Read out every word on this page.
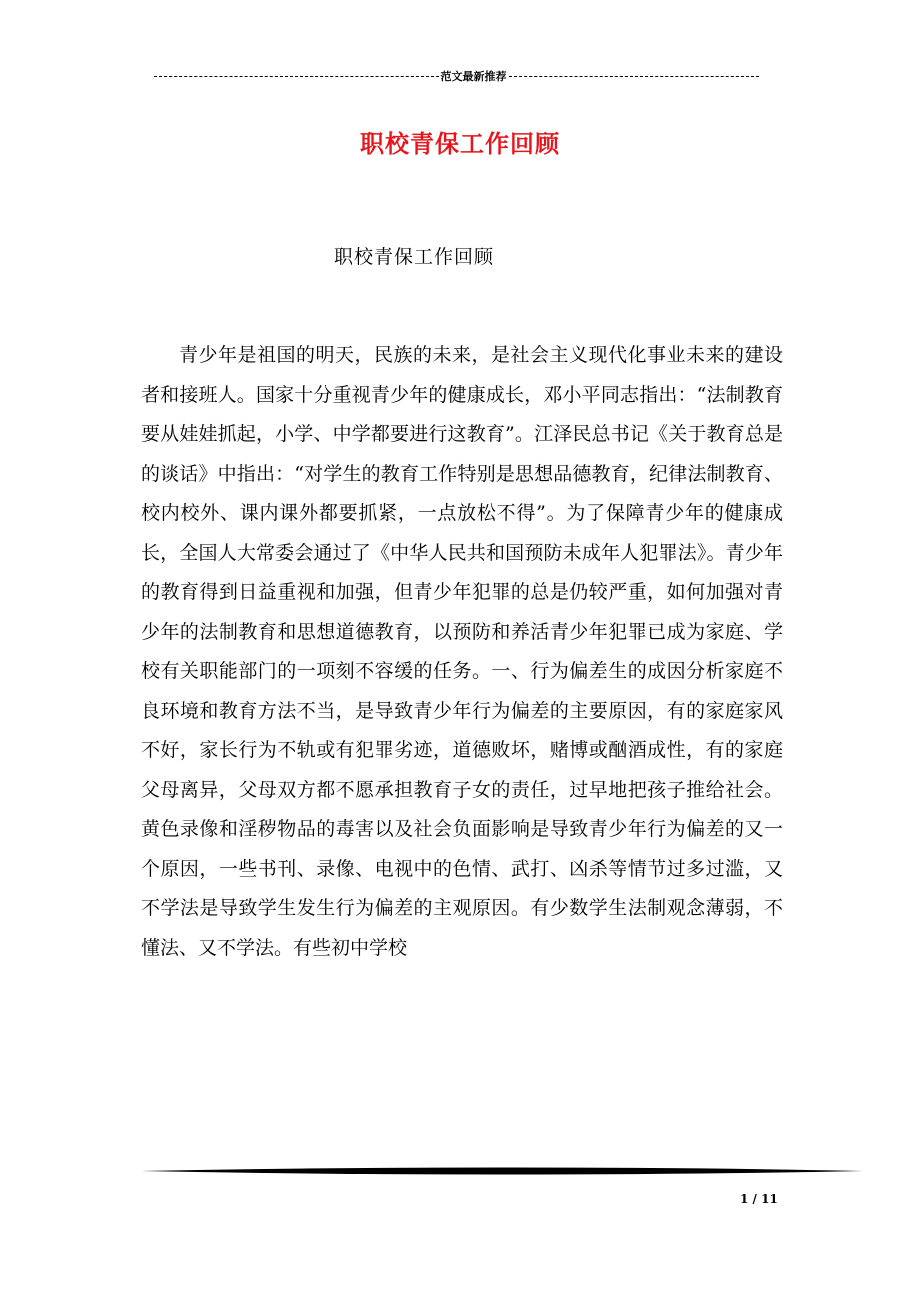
范文最新推荐
职校青保工作回顾
职校青保工作回顾

青少年是祖国的明天，民族的未来，是社会主义现代化事业未来的建设者和接班人。国家十分重视青少年的健康成长，邓小平同志指出：“法制教育要从娃娃抓起，小学、中学都要进行这教育”。江泽民总书记《关于教育总是的谈话》中指出：“对学生的教育工作特别是思想品德教育，纪律法制教育、校内校外、课内课外都要抓紧，一点放松不得”。为了保障青少年的健康成长，全国人大常委会通过了《中华人民共和国预防未成年人犯罪法》。青少年的教育得到日益重视和加强，但青少年犯罪的总是仍较严重，如何加强对青少年的法制教育和思想道德教育，以预防和养活青少年犯罪已成为家庭、学校有关职能部门的一项刻不容缓的任务。一、行为偏差生的成因分析家庭不良环境和教育方法不当，是导致青少年行为偏差的主要原因，有的家庭家风不好，家长行为不轨或有犯罪劣迹，道德败坏，赌博或酗酒成性，有的家庭父母离异，父母双方都不愿承担教育子女的责任，过早地把孩子推给社会。黄色录像和淫秽物品的毒害以及社会负面影响是导致青少年行为偏差的又一个原因，一些书刊、录像、电视中的色情、武打、凶杀等情节过多过滥，又不学法是导致学生发生行为偏差的主观原因。有少数学生法制观念薄弱，不懂法、又不学法。有些初中学校

1 / 11
